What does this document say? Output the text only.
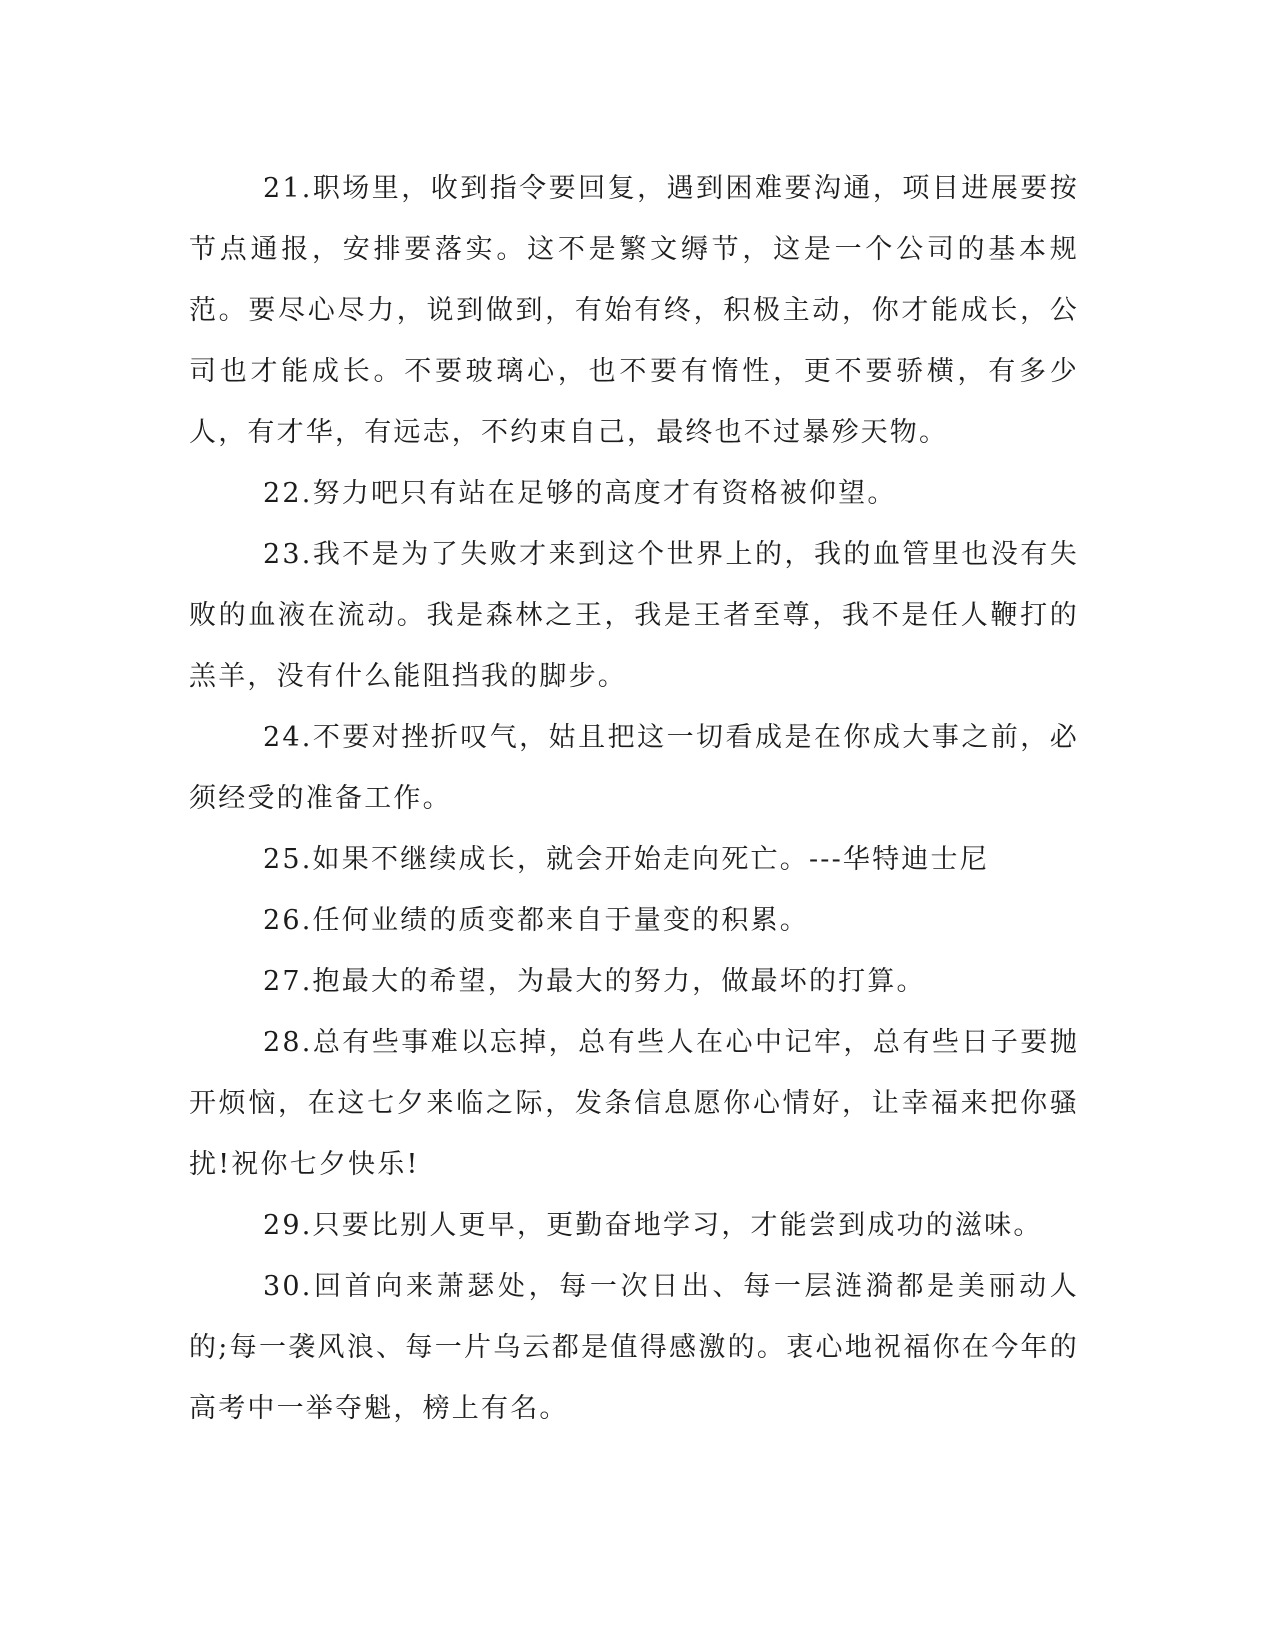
21.职场里，收到指令要回复，遇到困难要沟通，项目进展要按节点通报，安排要落实。这不是繁文缛节，这是一个公司的基本规范。要尽心尽力，说到做到，有始有终，积极主动，你才能成长，公司也才能成长。不要玻璃心，也不要有惰性，更不要骄横，有多少人，有才华，有远志，不约束自己，最终也不过暴殄天物。

22.努力吧只有站在足够的高度才有资格被仰望。

23.我不是为了失败才来到这个世界上的，我的血管里也没有失败的血液在流动。我是森林之王，我是王者至尊，我不是任人鞭打的羔羊，没有什么能阻挡我的脚步。

24.不要对挫折叹气，姑且把这一切看成是在你成大事之前，必须经受的准备工作。

25.如果不继续成长，就会开始走向死亡。---华特迪士尼

26.任何业绩的质变都来自于量变的积累。

27.抱最大的希望，为最大的努力，做最坏的打算。

28.总有些事难以忘掉，总有些人在心中记牢，总有些日子要抛开烦恼，在这七夕来临之际，发条信息愿你心情好，让幸福来把你骚扰!祝你七夕快乐!

29.只要比别人更早，更勤奋地学习，才能尝到成功的滋味。

30.回首向来萧瑟处，每一次日出、每一层涟漪都是美丽动人的;每一袭风浪、每一片乌云都是值得感激的。衷心地祝福你在今年的高考中一举夺魁，榜上有名。
